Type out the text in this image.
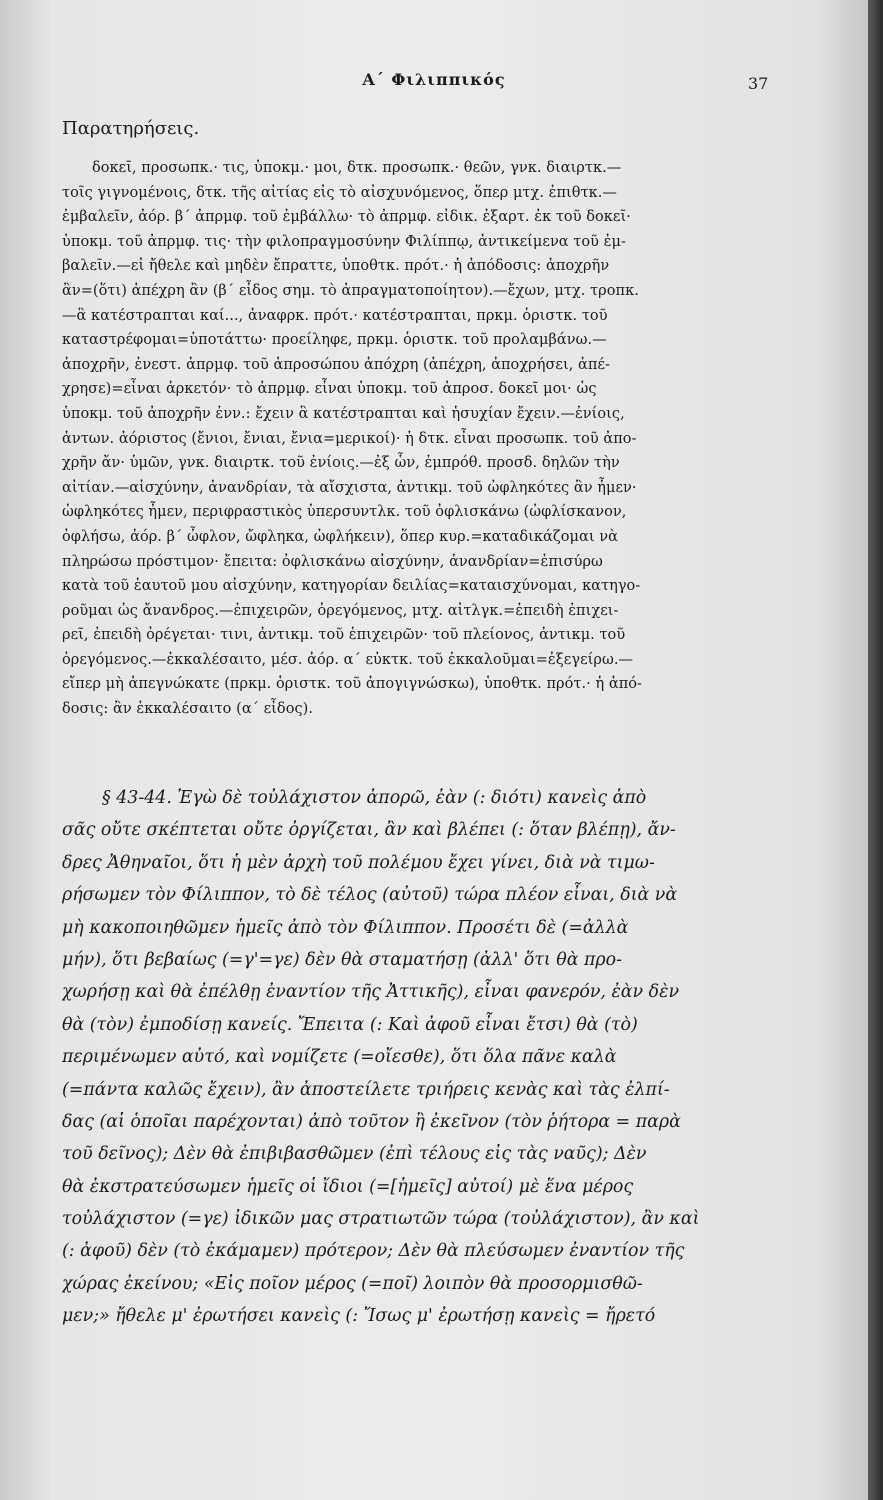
Α΄ Φιλιππικός	37
Παρατηρήσεις.
δοκεῖ, προσωπκ.· τις, ὑποκμ.· μοι, δτκ. προσωπκ.· θεῶν, γνκ. διαιρτκ.—
τοῖς γιγνομένοις, δτκ. τῆς αἰτίας εἰς τὸ αἰσχυνόμενος, ὅπερ μτχ. ἐπιθτκ.—
ἐμβαλεῖν, ἀόρ. β΄ ἀπρμφ. τοῦ ἐμβάλλω· τὸ ἀπρμφ. εἰδικ. ἐξαρτ. ἐκ τοῦ δοκεῖ·
ὑποκμ. τοῦ ἀπρμφ. τις· τὴν φιλοπραγμοσύνην Φιλίππῳ, ἀντικείμενα τοῦ ἐμ-
βαλεῖν.—εἰ ἤθελε καὶ μηδὲν ἔπραττε, ὑποθτκ. πρότ.· ἡ ἀπόδοσις: ἀποχρῆν
ἂν=(ὅτι) ἀπέχρη ἂν (β΄ εἶδος σημ. τὸ ἀπραγματοποίητον).—ἔχων, μτχ. τροπκ.
—ἃ κατέστραπται καί..., ἀναφρκ. πρότ.· κατέστραπται, πρκμ. ὁριστκ. τοῦ
καταστρέφομαι=ὑποτάττω· προείληφε, πρκμ. ὁριστκ. τοῦ προλαμβάνω.—
ἀποχρῆν, ἐνεστ. ἀπρμφ. τοῦ ἀπροσώπου ἀπόχρη (ἀπέχρη, ἀποχρήσει, ἀπέ-
χρησε)=εἶναι ἀρκετόν· τὸ ἀπρμφ. εἶναι ὑποκμ. τοῦ ἀπροσ. δοκεῖ μοι· ὡς
ὑποκμ. τοῦ ἀποχρῆν ἐνν.: ἔχειν ἃ κατέστραπται καὶ ἡσυχίαν ἔχειν.—ἐνίοις,
ἀντων. ἀόριστος (ἔνιοι, ἔνιαι, ἔνια=μερικοί)· ἡ δτκ. εἶναι προσωπκ. τοῦ ἀπο-
χρῆν ἄν· ὑμῶν, γνκ. διαιρτκ. τοῦ ἐνίοις.—ἐξ ὧν, ἐμπρόθ. προσδ. δηλῶν τὴν
αἰτίαν.—αἰσχύνην, ἀνανδρίαν, τὰ αἴσχιστα, ἀντικμ. τοῦ ὠφληκότες ἂν ἦμεν·
ὠφληκότες ἦμεν, περιφραστικὸς ὑπερσυντλκ. τοῦ ὀφλισκάνω (ὠφλίσκανον,
ὀφλήσω, ἀόρ. β΄ ὦφλον, ὤφληκα, ὠφλήκειν), ὅπερ κυρ.=καταδικάζομαι νὰ
πληρώσω πρόστιμον· ἔπειτα: ὀφλισκάνω αἰσχύνην, ἀνανδρίαν=ἐπισύρω
κατὰ τοῦ ἑαυτοῦ μου αἰσχύνην, κατηγορίαν δειλίας=καταισχύνομαι, κατηγο-
ροῦμαι ὡς ἄνανδρος.—ἐπιχειρῶν, ὀρεγόμενος, μτχ. αἰτλγκ.=ἐπειδὴ ἐπιχει-
ρεῖ, ἐπειδὴ ὀρέγεται· τινι, ἀντικμ. τοῦ ἐπιχειρῶν· τοῦ πλείονος, ἀντικμ. τοῦ
ὀρεγόμενος.—ἐκκαλέσαιτο, μέσ. ἀόρ. α΄ εὐκτκ. τοῦ ἐκκαλοῦμαι=ἐξεγείρω.—
εἴπερ μὴ ἀπεγνώκατε (πρκμ. ὁριστκ. τοῦ ἀπογιγνώσκω), ὑποθτκ. πρότ.· ἡ ἀπό-
δοσις: ἂν ἐκκαλέσαιτο (α΄ εἶδος).
§ 43-44. Ἐγὼ δὲ τοὐλάχιστον ἀπορῶ, ἐὰν (: διότι) κανεὶς ἀπὸ
σᾶς οὔτε σκέπτεται οὔτε ὀργίζεται, ἂν καὶ βλέπει (: ὅταν βλέπῃ), ἄν-
δρες Ἀθηναῖοι, ὅτι ἡ μὲν ἀρχὴ τοῦ πολέμου ἔχει γίνει, διὰ νὰ τιμω-
ρήσωμεν τὸν Φίλιππον, τὸ δὲ τέλος (αὐτοῦ) τώρα πλέον εἶναι, διὰ νὰ
μὴ κακοποιηθῶμεν ἡμεῖς ἀπὸ τὸν Φίλιππον. Προσέτι δὲ (=ἀλλὰ
μήν), ὅτι βεβαίως (=γ'=γε) δὲν θὰ σταματήσῃ (ἀλλ' ὅτι θὰ προ-
χωρήσῃ καὶ θὰ ἐπέλθῃ ἐναντίον τῆς Ἀττικῆς), εἶναι φανερόν, ἐὰν δὲν
θὰ (τὸν) ἐμποδίσῃ κανείς. Ἔπειτα (: Καὶ ἀφοῦ εἶναι ἔτσι) θὰ (τὸ)
περιμένωμεν αὐτό, καὶ νομίζετε (=οἴεσθε), ὅτι ὅλα πᾶνε καλὰ
(=πάντα καλῶς ἔχειν), ἂν ἀποστείλετε τριήρεις κενὰς καὶ τὰς ἐλπί-
δας (αἱ ὁποῖαι παρέχονται) ἀπὸ τοῦτον ἢ ἐκεῖνον (τὸν ῥήτορα = παρὰ
τοῦ δεῖνος); Δὲν θὰ ἐπιβιβασθῶμεν (ἐπὶ τέλους εἰς τὰς ναῦς); Δὲν
θὰ ἐκστρατεύσωμεν ἡμεῖς οἱ ἴδιοι (=[ἡμεῖς] αὐτοί) μὲ ἕνα μέρος
τοὐλάχιστον (=γε) ἰδικῶν μας στρατιωτῶν τώρα (τοὐλάχιστον), ἂν καὶ
(: ἀφοῦ) δὲν (τὸ ἐκάμαμεν) πρότερον; Δὲν θὰ πλεύσωμεν ἐναντίον τῆς
χώρας ἐκείνου; «Εἰς ποῖον μέρος (=ποῖ) λοιπὸν θὰ προσορμισθῶ-
μεν;» ἤθελε μ' ἐρωτήσει κανεὶς (: Ἴσως μ' ἐρωτήσῃ κανεὶς = ἤρετό
